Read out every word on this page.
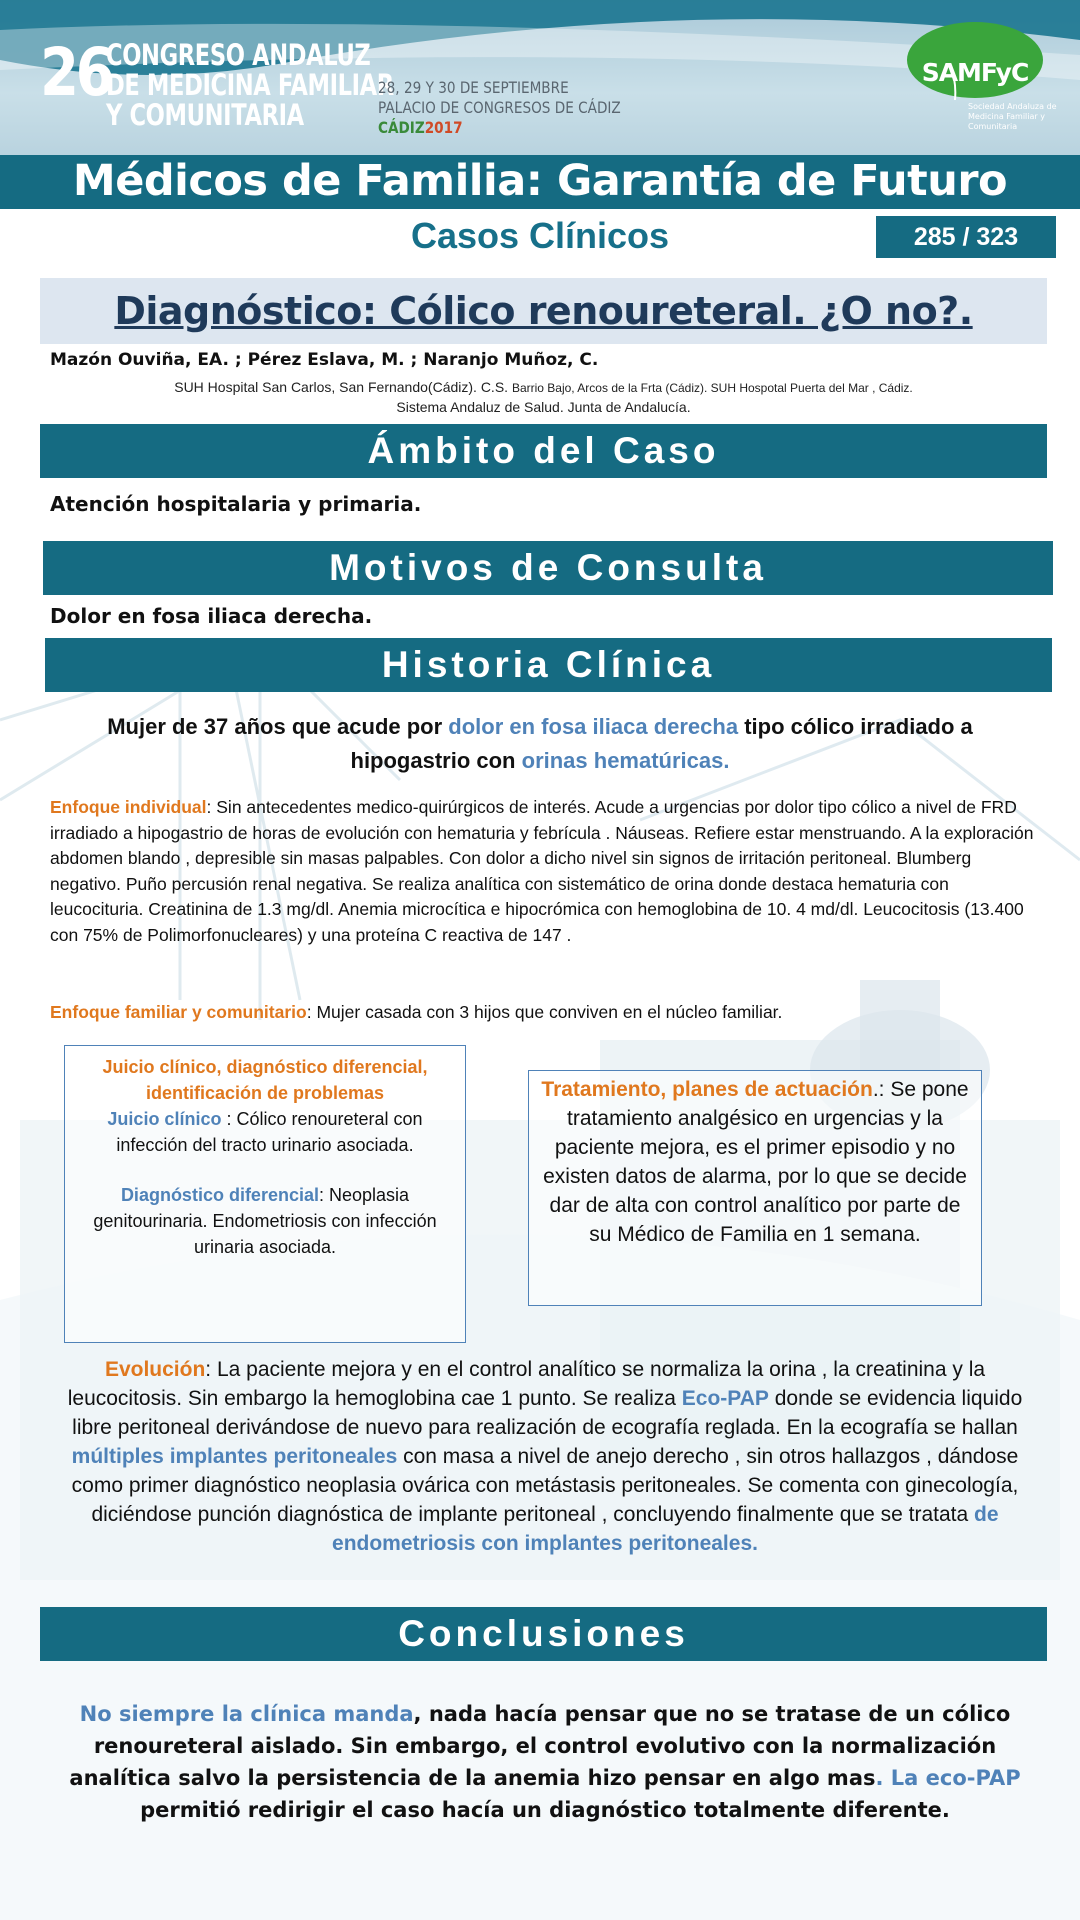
26
CONGRESO ANDALUZ
DE MEDICINA FAMILIAR
Y COMUNITARIA
28, 29 Y 30 DE SEPTIEMBRE
PALACIO DE CONGRESOS DE CÁDIZ
CÁDIZ2017
SAMFyC
Sociedad Andaluza de Medicina Familiar y Comunitaria
Médicos de Familia: Garantía de Futuro
Casos Clínicos	285 / 323
Diagnóstico: Cólico renoureteral. ¿O no?.
Mazón Ouviña, EA. ; Pérez Eslava, M. ; Naranjo Muñoz, C.
SUH Hospital San Carlos, San Fernando(Cádiz). C.S. Barrio Bajo, Arcos de la Frta (Cádiz). SUH Hospotal Puerta del Mar , Cádiz.
Sistema Andaluz de Salud. Junta de Andalucía.
Ámbito del Caso
Atención hospitalaria y primaria.
Motivos de Consulta
Dolor en fosa iliaca derecha.
Historia Clínica
Mujer de 37 años que acude por dolor en fosa iliaca derecha tipo cólico irradiado a hipogastrio con orinas hematúricas.
Enfoque individual: Sin antecedentes medico-quirúrgicos de interés. Acude a urgencias por dolor tipo cólico a nivel de FRD irradiado a hipogastrio de horas de evolución con hematuria y febrícula . Náuseas. Refiere estar menstruando. A la exploración abdomen blando , depresible sin masas palpables. Con dolor a dicho nivel sin signos de irritación peritoneal. Blumberg negativo. Puño percusión renal negativa. Se realiza analítica con sistemático de orina donde destaca hematuria con leucocituria. Creatinina de 1.3 mg/dl. Anemia microcítica e hipocrómica con hemoglobina de 10. 4 md/dl. Leucocitosis (13.400 con 75% de Polimorfonucleares) y una proteína C reactiva de 147 .
Enfoque familiar y comunitario: Mujer casada con 3 hijos que conviven en el núcleo familiar.
Juicio clínico, diagnóstico diferencial, identificación de problemas
Juicio clínico : Cólico renoureteral con infección del tracto urinario asociada.
Diagnóstico diferencial: Neoplasia genitourinaria. Endometriosis con infección urinaria asociada.
Tratamiento, planes de actuación.: Se pone tratamiento analgésico en urgencias y la paciente mejora, es el primer episodio y no existen datos de alarma, por lo que se decide dar de alta con control analítico por parte de su Médico de Familia en 1 semana.
Evolución: La paciente mejora y en el control analítico se normaliza la orina , la creatinina y la leucocitosis. Sin embargo la hemoglobina cae 1 punto. Se realiza Eco-PAP donde se evidencia liquido libre peritoneal derivándose de nuevo para realización de ecografía reglada. En la ecografía se hallan múltiples implantes peritoneales con masa a nivel de anejo derecho , sin otros hallazgos , dándose como primer diagnóstico neoplasia ovárica con metástasis peritoneales. Se comenta con ginecología, diciéndose punción diagnóstica de implante peritoneal , concluyendo finalmente que se tratata de endometriosis con implantes peritoneales.
Conclusiones
No siempre la clínica manda, nada hacía pensar que no se tratase de un cólico renoureteral aislado. Sin embargo, el control evolutivo con la normalización analítica salvo la persistencia de la anemia hizo pensar en algo mas. La eco-PAP permitió redirigir el caso hacía un diagnóstico totalmente diferente.
